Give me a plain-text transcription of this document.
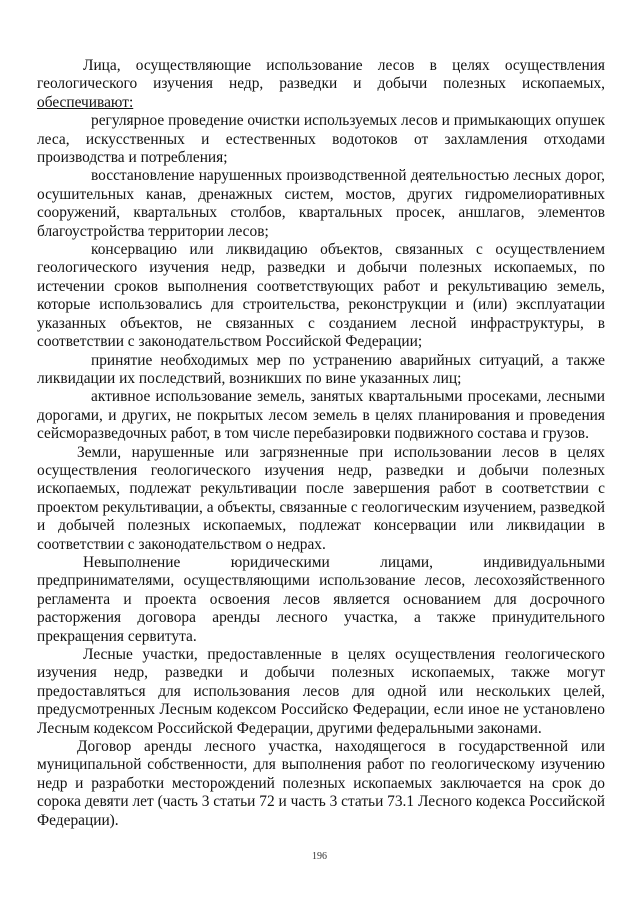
Лица, осуществляющие использование лесов в целях осуществления геологического изучения недр, разведки и добычи полезных ископаемых, обеспечивают:

регулярное проведение очистки используемых лесов и примыкающих опушек леса, искусственных и естественных водотоков от захламления отходами производства и потребления;

восстановление нарушенных производственной деятельностью лесных дорог, осушительных канав, дренажных систем, мостов, других гидромелиоративных сооружений, квартальных столбов, квартальных просек, аншлагов, элементов благоустройства территории лесов;

консервацию или ликвидацию объектов, связанных с осуществлением геологического изучения недр, разведки и добычи полезных ископаемых, по истечении сроков выполнения соответствующих работ и рекультивацию земель, которые использовались для строительства, реконструкции и (или) эксплуатации указанных объектов, не связанных с созданием лесной инфраструктуры, в соответствии с законодательством Российской Федерации;

принятие необходимых мер по устранению аварийных ситуаций, а также ликвидации их последствий, возникших по вине указанных лиц;

активное использование земель, занятых квартальными просеками, лесными дорогами, и других, не покрытых лесом земель в целях планирования и проведения сейсморазведочных работ, в том числе перебазировки подвижного состава и грузов.

Земли, нарушенные или загрязненные при использовании лесов в целях осуществления геологического изучения недр, разведки и добычи полезных ископаемых, подлежат рекультивации после завершения работ в соответствии с проектом рекультивации, а объекты, связанные с геологическим изучением, разведкой и добычей полезных ископаемых, подлежат консервации или ликвидации в соответствии с законодательством о недрах.

Невыполнение юридическими лицами, индивидуальными предпринимателями, осуществляющими использование лесов, лесохозяйственного регламента и проекта освоения лесов является основанием для досрочного расторжения договора аренды лесного участка, а также принудительного прекращения сервитута.

Лесные участки, предоставленные в целях осуществления геологического изучения недр, разведки и добычи полезных ископаемых, также могут предоставляться для использования лесов для одной или нескольких целей, предусмотренных Лесным кодексом Российско Федерации, если иное не установлено Лесным кодексом Российской Федерации, другими федеральными законами.

Договор аренды лесного участка, находящегося в государственной или муниципальной собственности, для выполнения работ по геологическому изучению недр и разработки месторождений полезных ископаемых заключается на срок до сорока девяти лет (часть 3 статьи 72 и часть 3 статьи 73.1 Лесного кодекса Российской Федерации).

196
